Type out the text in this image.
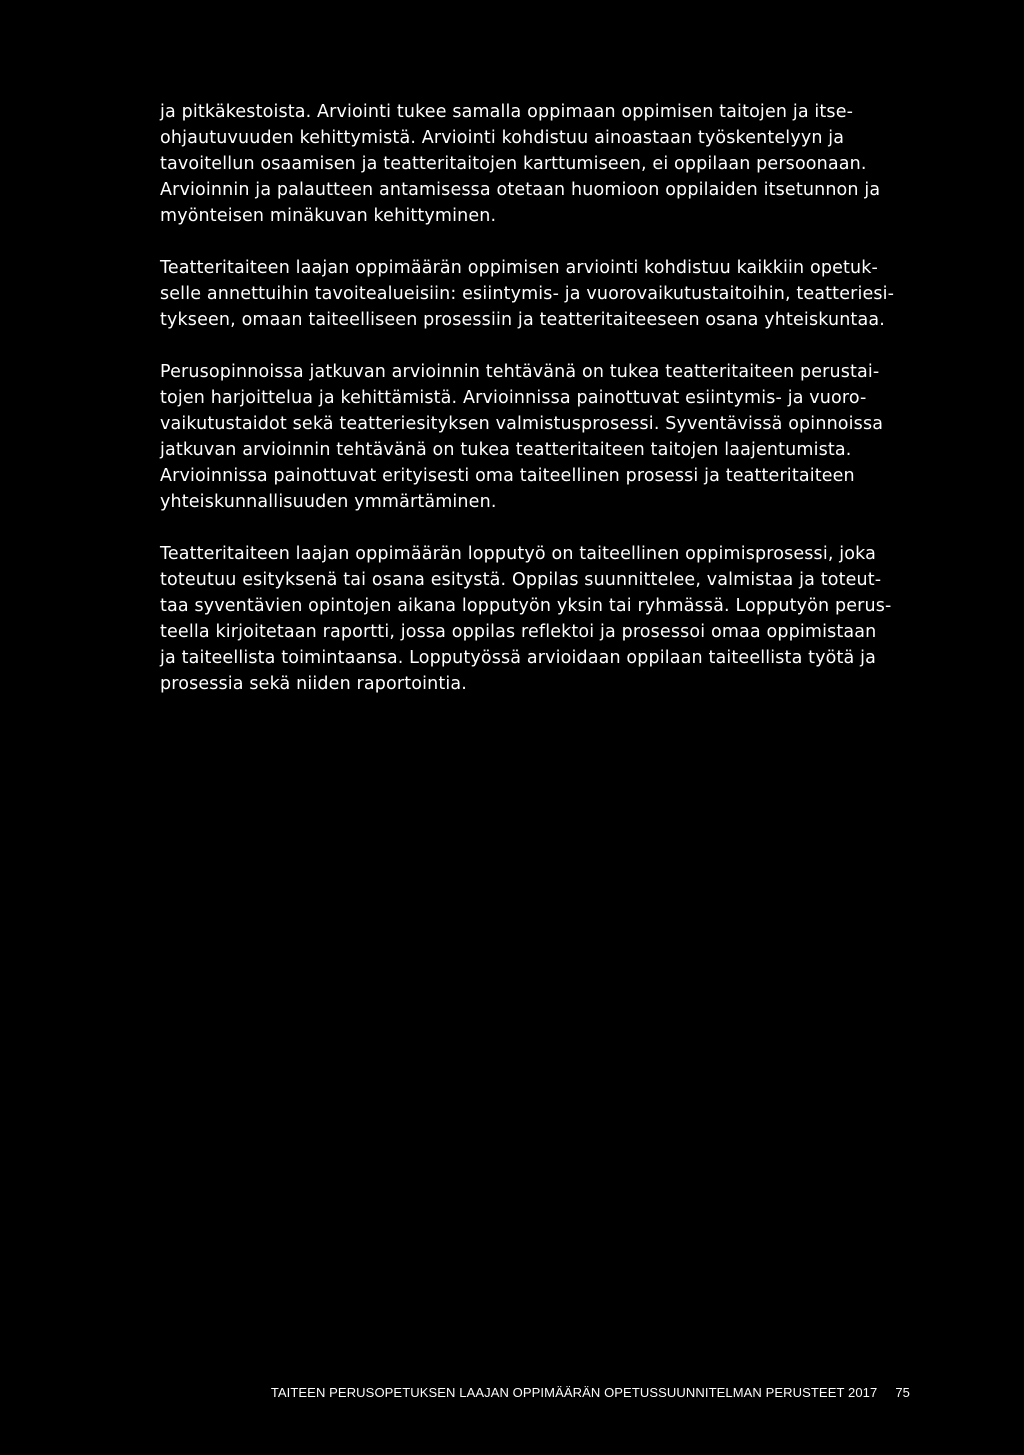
ja pitkäkestoista. Arviointi tukee samalla oppimaan oppimisen taitojen ja itse-
ohjautuvuuden kehittymistä. Arviointi kohdistuu ainoastaan työskentelyyn ja
tavoitellun osaamisen ja teatteritaitojen karttumiseen, ei oppilaan persoonaan.
Arvioinnin ja palautteen antamisessa otetaan huomioon oppilaiden itsetunnon ja
myönteisen minäkuvan kehittyminen.

Teatteritaiteen laajan oppimäärän oppimisen arviointi kohdistuu kaikkiin opetuk-
selle annettuihin tavoitealueisiin: esiintymis- ja vuorovaikutustaitoihin, teatteriesi-
tykseen, omaan taiteelliseen prosessiin ja teatteritaiteeseen osana yhteiskuntaa.

Perusopinnoissa jatkuvan arvioinnin tehtävänä on tukea teatteritaiteen perustai-
tojen harjoittelua ja kehittämistä. Arvioinnissa painottuvat esiintymis- ja vuoro-
vaikutustaidot sekä teatteriesityksen valmistusprosessi. Syventävissä opinnoissa
jatkuvan arvioinnin tehtävänä on tukea teatteritaiteen taitojen laajentumista.
Arvioinnissa painottuvat erityisesti oma taiteellinen prosessi ja teatteritaiteen
yhteiskunnallisuuden ymmärtäminen.

Teatteritaiteen laajan oppimäärän lopputyö on taiteellinen oppimisprosessi, joka
toteutuu esityksenä tai osana esitystä. Oppilas suunnittelee, valmistaa ja toteut-
taa syventävien opintojen aikana lopputyön yksin tai ryhmässä. Lopputyön perus-
teella kirjoitetaan raportti, jossa oppilas reflektoi ja prosessoi omaa oppimistaan
ja taiteellista toimintaansa. Lopputyössä arvioidaan oppilaan taiteellista työtä ja
prosessia sekä niiden raportointia.

TAITEEN PERUSOPETUKSEN LAAJAN OPPIMÄÄRÄN OPETUSSUUNNITELMAN PERUSTEET 2017 75
